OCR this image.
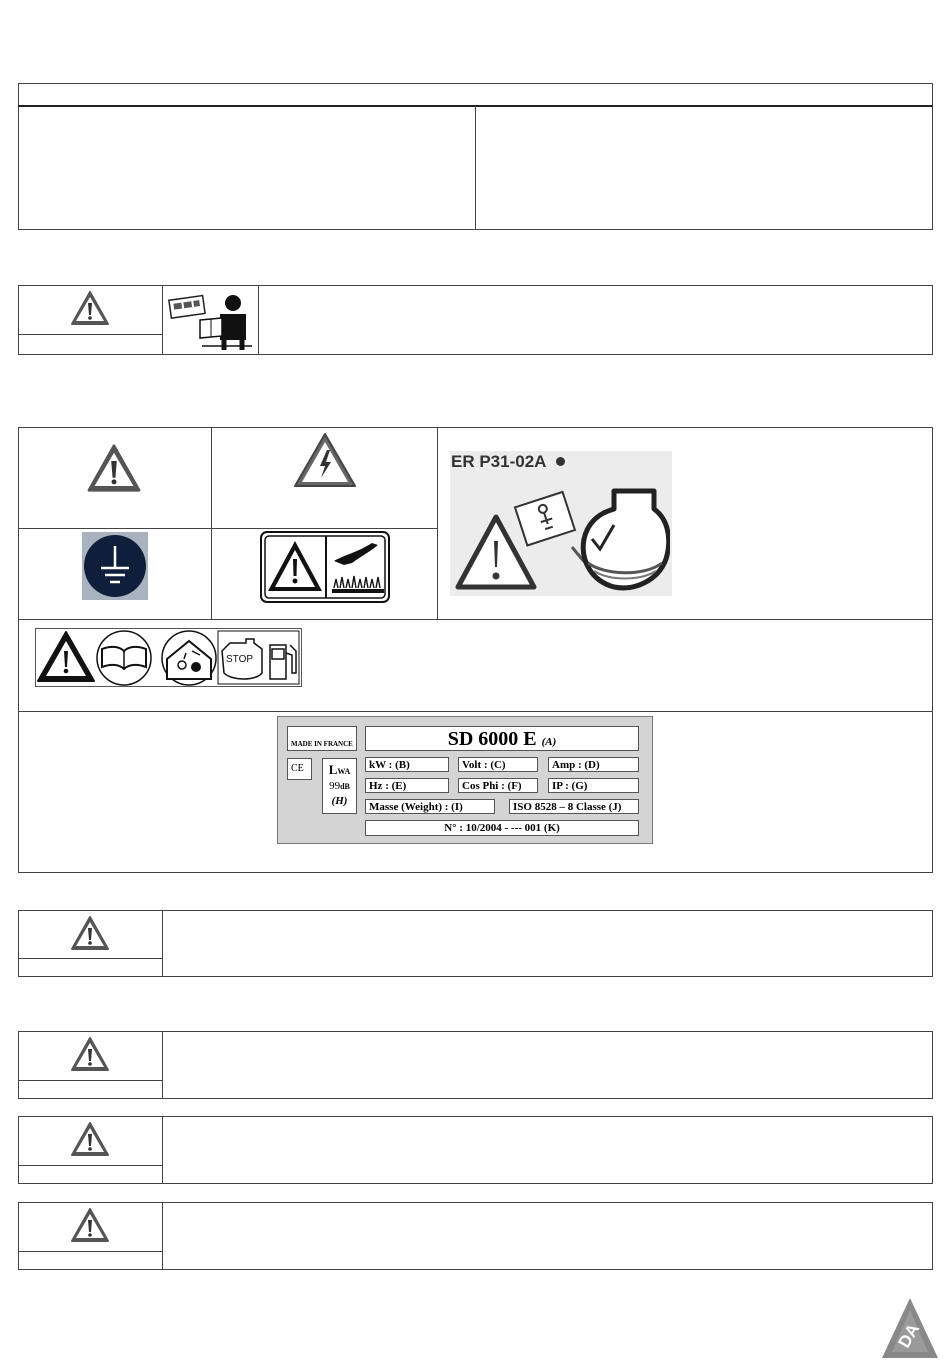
ER P31-02A
STOP
MADE IN FRANCE	SD 6000 E (A)
CE	LWA
99dB
(H)
kW : (B)	Volt : (C)	Amp : (D)
Hz : (E)	Cos Phi : (F)	IP : (G)
Masse (Weight) : (I)	ISO 8528 – 8 Classe (J)
N° : 10/2004 - --- 001 (K)
DA
